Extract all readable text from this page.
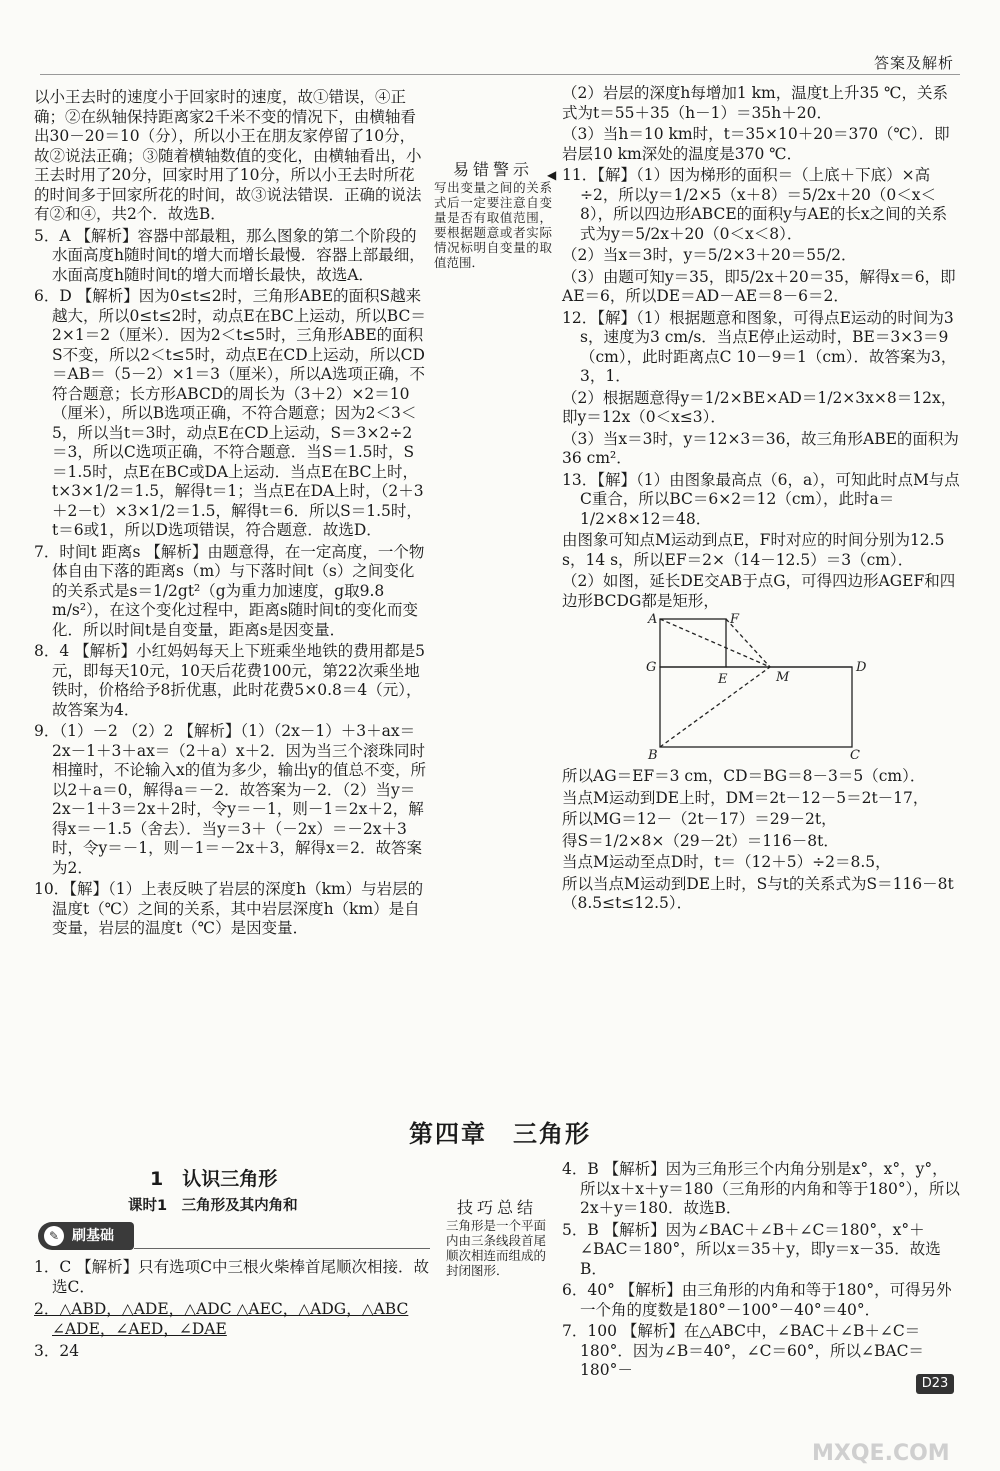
答案及解析

以小王去时的速度小于回家时的速度，故①错误，④正确；②在纵轴保持距离家2千米不变的情况下，由横轴看出30－20＝10（分），所以小王在朋友家停留了10分，故②说法正确；③随着横轴数值的变化，由横轴看出，小王去时用了20分，回家时用了10分，所以小王去时所花的时间多于回家所花的时间，故③说法错误．正确的说法有②和④，共2个．故选B．

5．A 【解析】容器中部最粗，那么图象的第二个阶段的水面高度h随时间t的增大而增长最慢．容器上部最细，水面高度h随时间t的增大而增长最快，故选A．

6．D 【解析】因为0≤t≤2时，三角形ABE的面积S越来越大，所以0≤t≤2时，动点E在BC上运动，所以BC＝2×1＝2（厘米）．因为2＜t≤5时，三角形ABE的面积S不变，所以2＜t≤5时，动点E在CD上运动，所以CD＝AB＝（5－2）×1＝3（厘米），所以A选项正确，不符合题意；长方形ABCD的周长为（3＋2）×2＝10（厘米），所以B选项正确，不符合题意；因为2＜3＜5，所以当t＝3时，动点E在CD上运动，S＝3×2÷2＝3，所以C选项正确，不符合题意．当S＝1.5时，S＝1.5时，点E在BC或DA上运动．当点E在BC上时，t×3×1/2＝1.5，解得t＝1；当点E在DA上时，（2＋3＋2－t）×3×1/2＝1.5，解得t＝6．所以S＝1.5时，t＝6或1，所以D选项错误，符合题意．故选D．

7．时间t 距离s 【解析】由题意得，在一定高度，一个物体自由下落的距离s（m）与下落时间t（s）之间变化的关系式是s＝1/2gt²（g为重力加速度，g取9.8 m/s²），在这个变化过程中，距离s随时间t的变化而变化．所以时间t是自变量，距离s是因变量．

8．4 【解析】小红妈妈每天上下班乘坐地铁的费用都是5元，即每天10元，10天后花费100元，第22次乘坐地铁时，价格给予8折优惠，此时花费5×0.8＝4（元），故答案为4．

9．（1）－2 （2）2 【解析】（1）（2x－1）＋3＋ax＝2x－1＋3＋ax＝（2＋a）x＋2．因为当三个滚珠同时相撞时，不论输入x的值为多少，输出y的值总不变，所以2＋a＝0，解得a＝－2．故答案为－2．（2）当y＝2x－1＋3＝2x＋2时，令y＝－1，则－1＝2x＋2，解得x＝－1.5（舍去）．当y＝3＋（－2x）＝－2x＋3时，令y＝－1，则－1＝－2x＋3，解得x＝2．故答案为2．

10．【解】（1）上表反映了岩层的深度h（km）与岩层的温度t（℃）之间的关系，其中岩层深度h（km）是自变量，岩层的温度t（℃）是因变量．

易错警示
写出变量之间的关系式后一定要注意自变量是否有取值范围，要根据题意或者实际情况标明自变量的取值范围．
◀

（2）岩层的深度h每增加1 km，温度t上升35 ℃，关系式为t＝55＋35（h－1）＝35h＋20．

（3）当h＝10 km时，t＝35×10＋20＝370（℃）．即岩层10 km深处的温度是370 ℃．

11．【解】（1）因为梯形的面积＝（上底＋下底）×高÷2，所以y＝1/2×5（x＋8）＝5/2x＋20（0＜x＜8），所以四边形ABCE的面积y与AE的长x之间的关系式为y＝5/2x＋20（0＜x＜8）．

（2）当x＝3时，y＝5/2×3＋20＝55/2．

（3）由题可知y＝35，即5/2x＋20＝35，解得x＝6，即AE＝6，所以DE＝AD－AE＝8－6＝2．

12．【解】（1）根据题意和图象，可得点E运动的时间为3 s，速度为3 cm/s．当点E停止运动时，BE＝3×3＝9（cm），此时距离点C 10－9＝1（cm）．故答案为3，3，1．

（2）根据题意得y＝1/2×BE×AD＝1/2×3x×8＝12x，即y＝12x（0＜x≤3）．

（3）当x＝3时，y＝12×3＝36，故三角形ABE的面积为36 cm²．

13．【解】（1）由图象最高点（6，a），可知此时点M与点C重合，所以BC＝6×2＝12（cm），此时a＝1/2×8×12＝48．

由图象可知点M运动到点E，F时对应的时间分别为12.5 s，14 s，所以EF＝2×（14－12.5）＝3（cm）．

（2）如图，延长DE交AB于点G，可得四边形AGEF和四边形BCDG都是矩形，

A	F
G
E	M
D
B	C

所以AG＝EF＝3 cm，CD＝BG＝8－3＝5（cm）．

当点M运动到DE上时，DM＝2t－12－5＝2t－17，

所以MG＝12－（2t－17）＝29－2t，

得S＝1/2×8×（29－2t）＝116－8t．

当点M运动至点D时，t＝（12＋5）÷2＝8.5，

所以当点M运动到DE上时，S与t的关系式为S＝116－8t（8.5≤t≤12.5）．

第四章　三角形
1　认识三角形
课时1　三角形及其内角和
✎ 刷基础

1．C 【解析】只有选项C中三根火柴棒首尾顺次相接．故选C．

2．△ABD，△ADE，△ADC △AEC，△ADG，△ABC ∠ADE，∠AED，∠DAE

3．24

技巧总结
三角形是一个平面内由三条线段首尾顺次相连而组成的封闭图形．

4．B 【解析】因为三角形三个内角分别是x°，x°，y°，所以x＋x＋y＝180（三角形的内角和等于180°），所以2x＋y＝180．故选B．

5．B 【解析】因为∠BAC＋∠B＋∠C＝180°，x°＋∠BAC＝180°，所以x＝35＋y，即y＝x－35．故选B．

6．40° 【解析】由三角形的内角和等于180°，可得另外一个角的度数是180°－100°－40°＝40°．

7．100 【解析】在△ABC中，∠BAC＋∠B＋∠C＝180°．因为∠B＝40°，∠C＝60°，所以∠BAC＝180°－

D23
MXQE.COM
